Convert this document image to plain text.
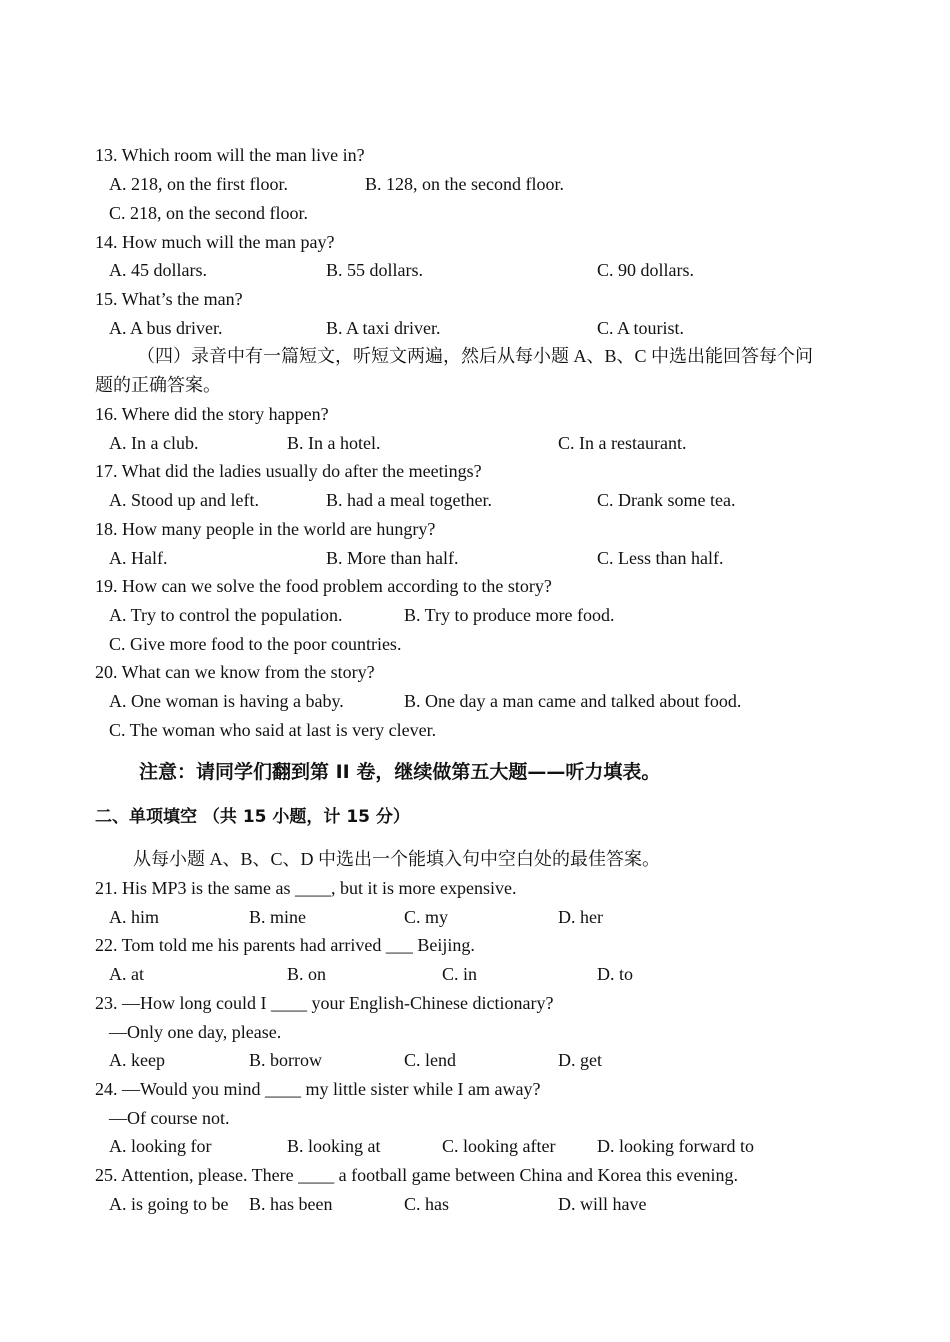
13. Which room will the man live in?
A. 218, on the first floor.	B. 128, on the second floor.
C. 218, on the second floor.
14. How much will the man pay?
A. 45 dollars.	B. 55 dollars.	C. 90 dollars.
15. What’s the man?
A. A bus driver.	B. A taxi driver.	C. A tourist.
（四）录音中有一篇短文，听短文两遍，然后从每小题 A、B、C 中选出能回答每个问
题的正确答案。
16. Where did the story happen?
A. In a club.	B. In a hotel.	C. In a restaurant.
17. What did the ladies usually do after the meetings?
A. Stood up and left.	B. had a meal together.	C. Drank some tea.
18. How many people in the world are hungry?
A. Half.	B. More than half.	C. Less than half.
19. How can we solve the food problem according to the story?
A. Try to control the population.	B. Try to produce more food.
C. Give more food to the poor countries.
20. What can we know from the story?
A. One woman is having a baby.	B. One day a man came and talked about food.
C. The woman who said at last is very clever.
注意：请同学们翻到第 II 卷，继续做第五大题——听力填表。
二、单项填空 （共 15 小题，计 15 分）
从每小题 A、B、C、D 中选出一个能填入句中空白处的最佳答案。
21. His MP3 is the same as ____, but it is more expensive.
A. him	B. mine	C. my	D. her
22. Tom told me his parents had arrived ___ Beijing.
A. at	B. on	C. in	D. to
23. —How long could I ____ your English-Chinese dictionary?
—Only one day, please.
A. keep	B. borrow	C. lend	D. get
24. —Would you mind ____ my little sister while I am away?
—Of course not.
A. looking for	B. looking at	C. looking after D. looking forward to
25. Attention, please. There ____ a football game between China and Korea this evening.
A. is going to be B. has been	C. has	D. will have
